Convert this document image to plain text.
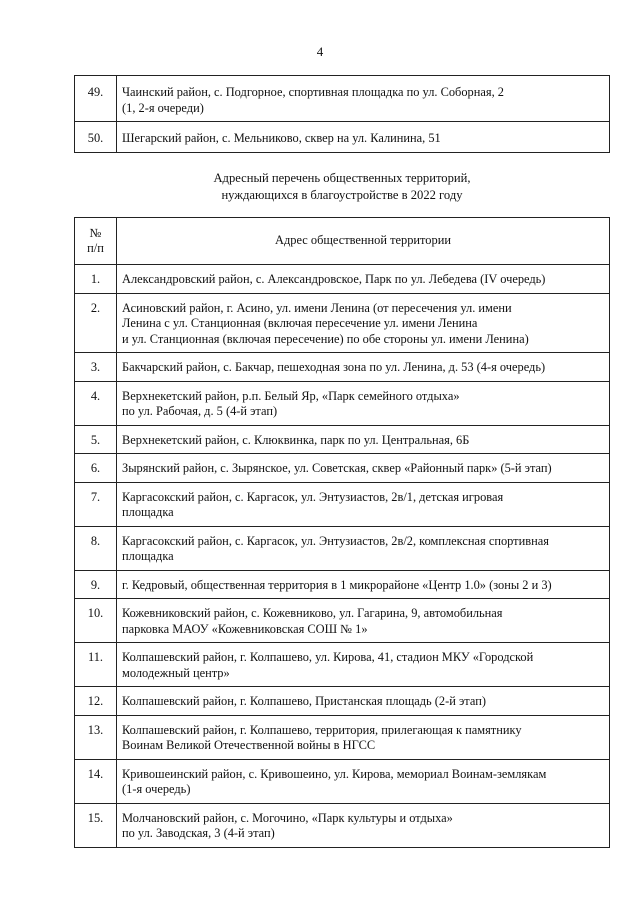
4
49.	Чаинский район, с. Подгорное, спортивная площадка по ул. Соборная, 2
(1, 2-я очереди)

50.	Шегарский район, с. Мельниково, сквер на ул. Калинина, 51
Адресный перечень общественных территорий,
нуждающихся в благоустройстве в 2022 году
№
п/п	Адрес общественной территории
1.	Александровский район, с. Александровское, Парк по ул. Лебедева (IV очередь)

2.	Асиновский район, г. Асино, ул. имени Ленина (от пересечения ул. имени
Ленина с ул. Станционная (включая пересечение ул. имени Ленина
и ул. Станционная (включая пересечение) по обе стороны ул. имени Ленина)

3.	Бакчарский район, с. Бакчар, пешеходная зона по ул. Ленина, д. 53 (4-я очередь)

4.	Верхнекетский район, р.п. Белый Яр, «Парк семейного отдыха»
по ул. Рабочая, д. 5 (4-й этап)

5.	Верхнекетский район, с. Клюквинка, парк по ул. Центральная, 6Б

6.	Зырянский район, с. Зырянское, ул. Советская, сквер «Районный парк» (5-й этап)

7.	Каргасокский район, с. Каргасок, ул. Энтузиастов, 2в/1, детская игровая
площадка

8.	Каргасокский район, с. Каргасок, ул. Энтузиастов, 2в/2, комплексная спортивная
площадка

9.	г. Кедровый, общественная территория в 1 микрорайоне «Центр 1.0» (зоны 2 и 3)

10.	Кожевниковский район, с. Кожевниково, ул. Гагарина, 9, автомобильная
парковка МАОУ «Кожевниковская СОШ № 1»

11.	Колпашевский район, г. Колпашево, ул. Кирова, 41, стадион МКУ «Городской
молодежный центр»

12.	Колпашевский район, г. Колпашево, Пристанская площадь (2-й этап)

13.	Колпашевский район, г. Колпашево, территория, прилегающая к памятнику
Воинам Великой Отечественной войны в НГСС

14.	Кривошеинский район, с. Кривошеино, ул. Кирова, мемориал Воинам-землякам
(1-я очередь)

15.	Молчановский район, с. Могочино, «Парк культуры и отдыха»
по ул. Заводская, 3 (4-й этап)
